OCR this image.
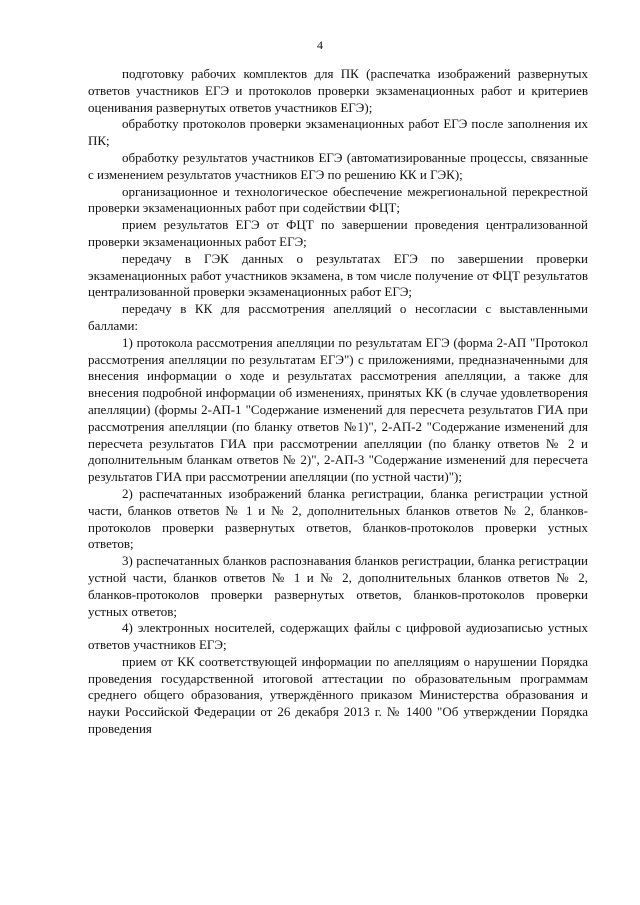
4

подготовку рабочих комплектов для ПК (распечатка изображений развернутых ответов участников ЕГЭ и протоколов проверки экзаменационных работ и критериев оценивания развернутых ответов участников ЕГЭ);

обработку протоколов проверки экзаменационных работ ЕГЭ после заполнения их ПК;

обработку результатов участников ЕГЭ (автоматизированные процессы, связанные с изменением результатов участников ЕГЭ по решению КК и ГЭК);

организационное и технологическое обеспечение межрегиональной перекрестной проверки экзаменационных работ при содействии ФЦТ;

прием результатов ЕГЭ от ФЦТ по завершении проведения централизованной проверки экзаменационных работ ЕГЭ;

передачу в ГЭК данных о результатах ЕГЭ по завершении проверки экзаменационных работ участников экзамена, в том числе получение от ФЦТ результатов централизованной проверки экзаменационных работ ЕГЭ;

передачу в КК для рассмотрения апелляций о несогласии с выставленными баллами:

1) протокола рассмотрения апелляции по результатам ЕГЭ (форма 2-АП "Протокол рассмотрения апелляции по результатам ЕГЭ") с приложениями, предназначенными для внесения информации о ходе и результатах рассмотрения апелляции, а также для внесения подробной информации об изменениях, принятых КК (в случае удовлетворения апелляции) (формы 2-АП-1 "Содержание изменений для пересчета результатов ГИА при рассмотрения апелляции (по бланку ответов №1)", 2-АП-2 "Содержание изменений для пересчета результатов ГИА при рассмотрении апелляции (по бланку ответов № 2 и дополнительным бланкам ответов № 2)", 2-АП-3 "Содержание изменений для пересчета результатов ГИА при рассмотрении апелляции (по устной части)");

2) распечатанных изображений бланка регистрации, бланка регистрации устной части, бланков ответов № 1 и № 2, дополнительных бланков ответов № 2, бланков-протоколов проверки развернутых ответов, бланков-протоколов проверки устных ответов;

3) распечатанных бланков распознавания бланков регистрации, бланка регистрации устной части, бланков ответов № 1 и № 2, дополнительных бланков ответов № 2, бланков-протоколов проверки развернутых ответов, бланков-протоколов проверки устных ответов;

4) электронных носителей, содержащих файлы с цифровой аудиозаписью устных ответов участников ЕГЭ;

прием от КК соответствующей информации по апелляциям о нарушении Порядка проведения государственной итоговой аттестации по образовательным программам среднего общего образования, утверждённого приказом Министерства образования и науки Российской Федерации от 26 декабря 2013 г. № 1400 "Об утверждении Порядка проведения
